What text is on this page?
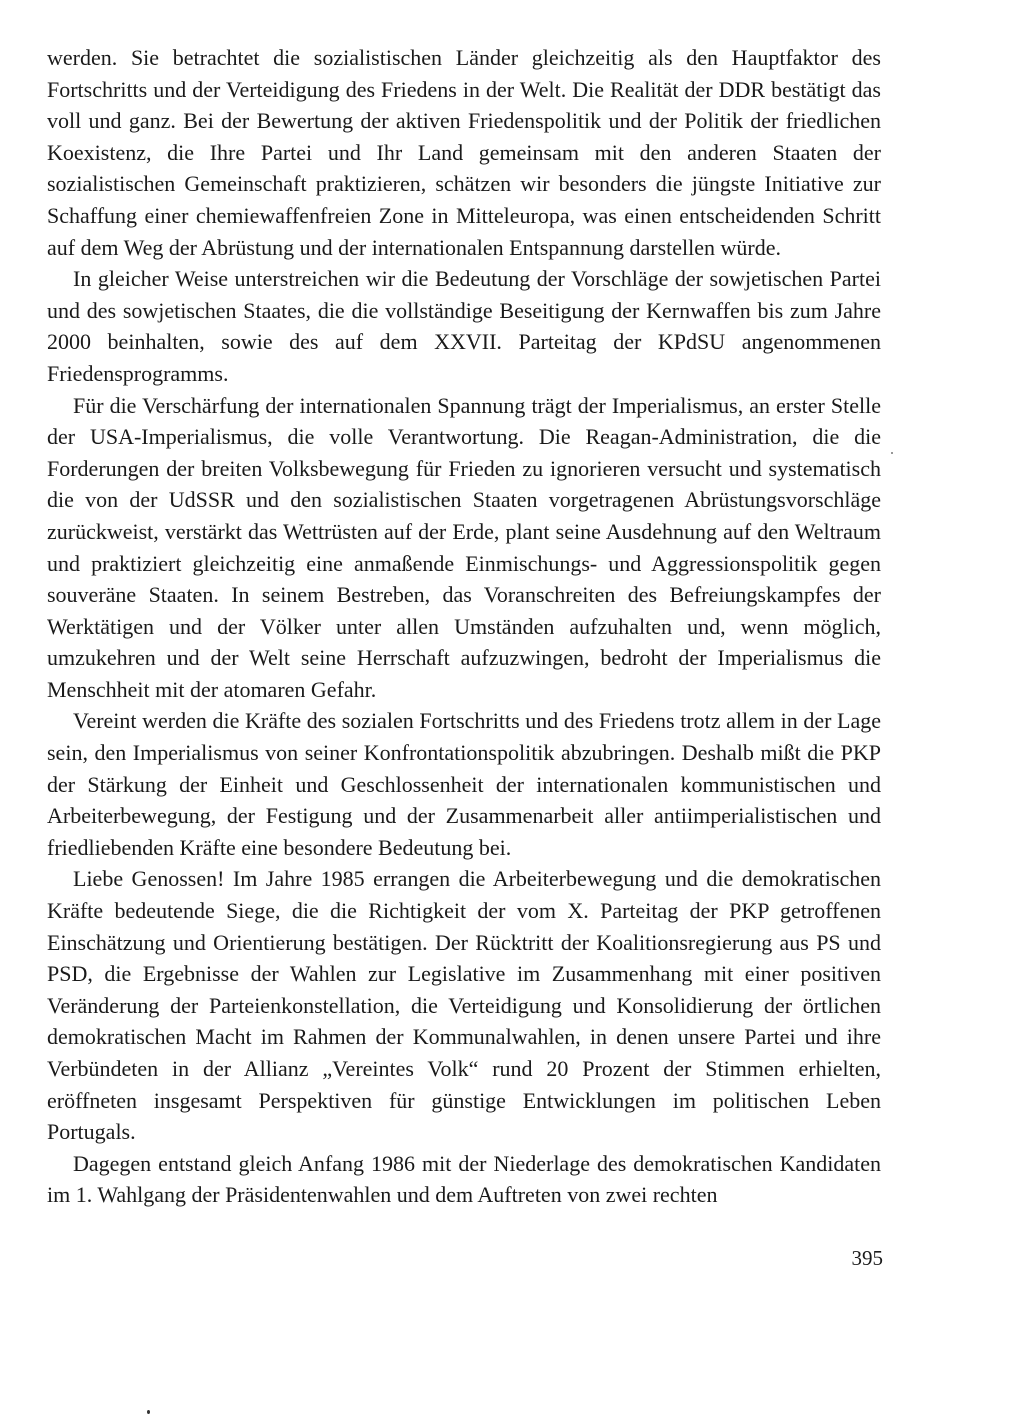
werden. Sie betrachtet die sozialistischen Länder gleichzeitig als den Hauptfaktor des Fortschritts und der Verteidigung des Friedens in der Welt. Die Realität der DDR bestätigt das voll und ganz. Bei der Bewertung der aktiven Friedenspolitik und der Politik der friedlichen Koexistenz, die Ihre Partei und Ihr Land gemeinsam mit den anderen Staaten der sozialistischen Gemeinschaft praktizieren, schätzen wir besonders die jüngste Initiative zur Schaffung einer chemiewaffenfreien Zone in Mitteleuropa, was einen entscheidenden Schritt auf dem Weg der Abrüstung und der internationalen Entspannung darstellen würde.

In gleicher Weise unterstreichen wir die Bedeutung der Vorschläge der sowjetischen Partei und des sowjetischen Staates, die die vollständige Beseitigung der Kernwaffen bis zum Jahre 2000 beinhalten, sowie des auf dem XXVII. Parteitag der KPdSU angenommenen Friedensprogramms.

Für die Verschärfung der internationalen Spannung trägt der Imperialismus, an erster Stelle der USA-Imperialismus, die volle Verantwortung. Die Reagan-Administration, die die Forderungen der breiten Volksbewegung für Frieden zu ignorieren versucht und systematisch die von der UdSSR und den sozialistischen Staaten vorgetragenen Abrüstungsvorschläge zurückweist, verstärkt das Wettrüsten auf der Erde, plant seine Ausdehnung auf den Weltraum und praktiziert gleichzeitig eine anmaßende Einmischungs- und Aggressionspolitik gegen souveräne Staaten. In seinem Bestreben, das Voranschreiten des Befreiungskampfes der Werktätigen und der Völker unter allen Umständen aufzuhalten und, wenn möglich, umzukehren und der Welt seine Herrschaft aufzuzwingen, bedroht der Imperialismus die Menschheit mit der atomaren Gefahr.

Vereint werden die Kräfte des sozialen Fortschritts und des Friedens trotz allem in der Lage sein, den Imperialismus von seiner Konfrontationspolitik abzubringen. Deshalb mißt die PKP der Stärkung der Einheit und Geschlossenheit der internationalen kommunistischen und Arbeiterbewegung, der Festigung und der Zusammenarbeit aller antiimperialistischen und friedliebenden Kräfte eine besondere Bedeutung bei.

Liebe Genossen! Im Jahre 1985 errangen die Arbeiterbewegung und die demokratischen Kräfte bedeutende Siege, die die Richtigkeit der vom X. Parteitag der PKP getroffenen Einschätzung und Orientierung bestätigen. Der Rücktritt der Koalitionsregierung aus PS und PSD, die Ergebnisse der Wahlen zur Legislative im Zusammenhang mit einer positiven Veränderung der Parteienkonstellation, die Verteidigung und Konsolidierung der örtlichen demokratischen Macht im Rahmen der Kommunalwahlen, in denen unsere Partei und ihre Verbündeten in der Allianz „Vereintes Volk“ rund 20 Prozent der Stimmen erhielten, eröffneten insgesamt Perspektiven für günstige Entwicklungen im politischen Leben Portugals.

Dagegen entstand gleich Anfang 1986 mit der Niederlage des demokratischen Kandidaten im 1. Wahlgang der Präsidentenwahlen und dem Auftreten von zwei rechten

395
